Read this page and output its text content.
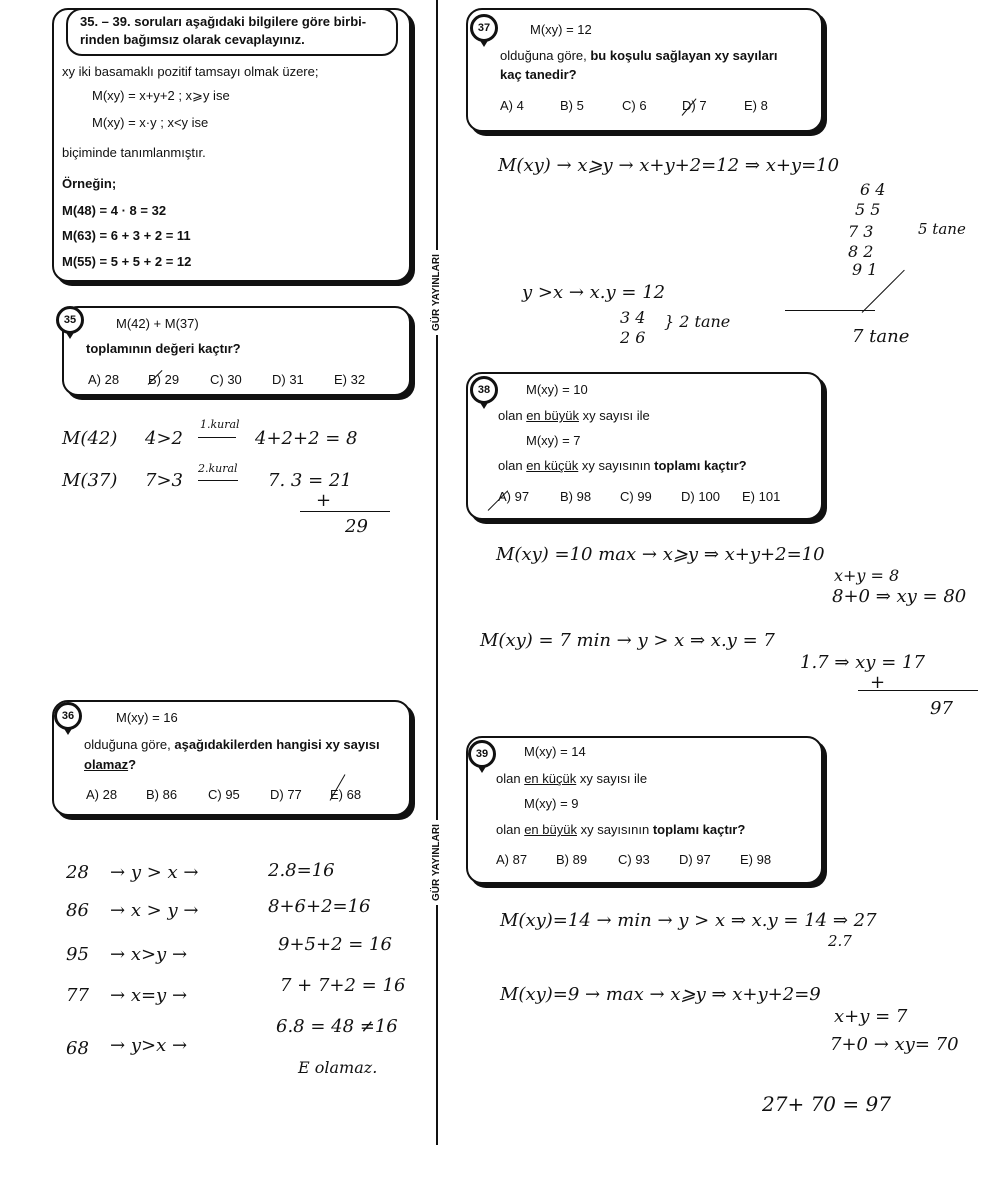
GÜR YAYINLARI
GÜR YAYINLARI
35. – 39. soruları aşağıdaki bilgilere göre birbi-
rinden bağımsız olarak cevaplayınız.
xy iki basamaklı pozitif tamsayı olmak üzere;
M(xy) = x+y+2 ; x⩾y ise
M(xy) = x·y ; x<y ise
biçiminde tanımlanmıştır.
Örneğin;
M(48) = 4 · 8 = 32
M(63) = 6 + 3 + 2 = 11
M(55) = 5 + 5 + 2 = 12
35	M(42) + M(37)
toplamının değeri kaçtır?
A) 28 B) 29 C) 30 D) 31 E) 32
M(42) 4>2
1.kural
4+2+2 = 8
M(37) 7>3
2.kural
7. 3 = 21
+
29
36	M(xy) = 16
olduğuna göre, aşağıdakilerden hangisi xy sayısı
olamaz?
A) 28 B) 86 C) 95 D) 77 E) 68
28 → y > x →	2.8=16
86 → x > y →	8+6+2=16
95 → x>y →	9+5+2 = 16
77 → x=y →	7 + 7+2 = 16
68 → y>x →
6.8 = 48 ≠16
E olamaz.
37	M(xy) = 12
olduğuna göre, bu koşulu sağlayan xy sayıları
kaç tanedir?
A) 4	B) 5	C) 6	D) 7	E) 8
M(xy) → x⩾y → x+y+2=12 ⇒ x+y=10
6 4
5 5
7 3
8 2
9 1
5 tane
y >x → x.y = 12
3 4
2 6
} 2 tane
7 tane
38	M(xy) = 10
olan en büyük xy sayısı ile
M(xy) = 7
olan en küçük xy sayısının toplamı kaçtır?
A) 97 B) 98 C) 99 D) 100 E) 101
M(xy) =10 max → x⩾y ⇒ x+y+2=10
x+y = 8
8+0 ⇒ xy = 80
M(xy) = 7 min → y > x ⇒ x.y = 7
1.7 ⇒ xy = 17
+
97
39	M(xy) = 14
olan en küçük xy sayısı ile
M(xy) = 9
olan en büyük xy sayısının toplamı kaçtır?
A) 87 B) 89 C) 93 D) 97 E) 98
M(xy)=14 → min → y > x ⇒ x.y = 14 ⇒ 27
2.7
M(xy)=9 → max → x⩾y ⇒ x+y+2=9
x+y = 7
7+0 → xy= 70
27+ 70 = 97
